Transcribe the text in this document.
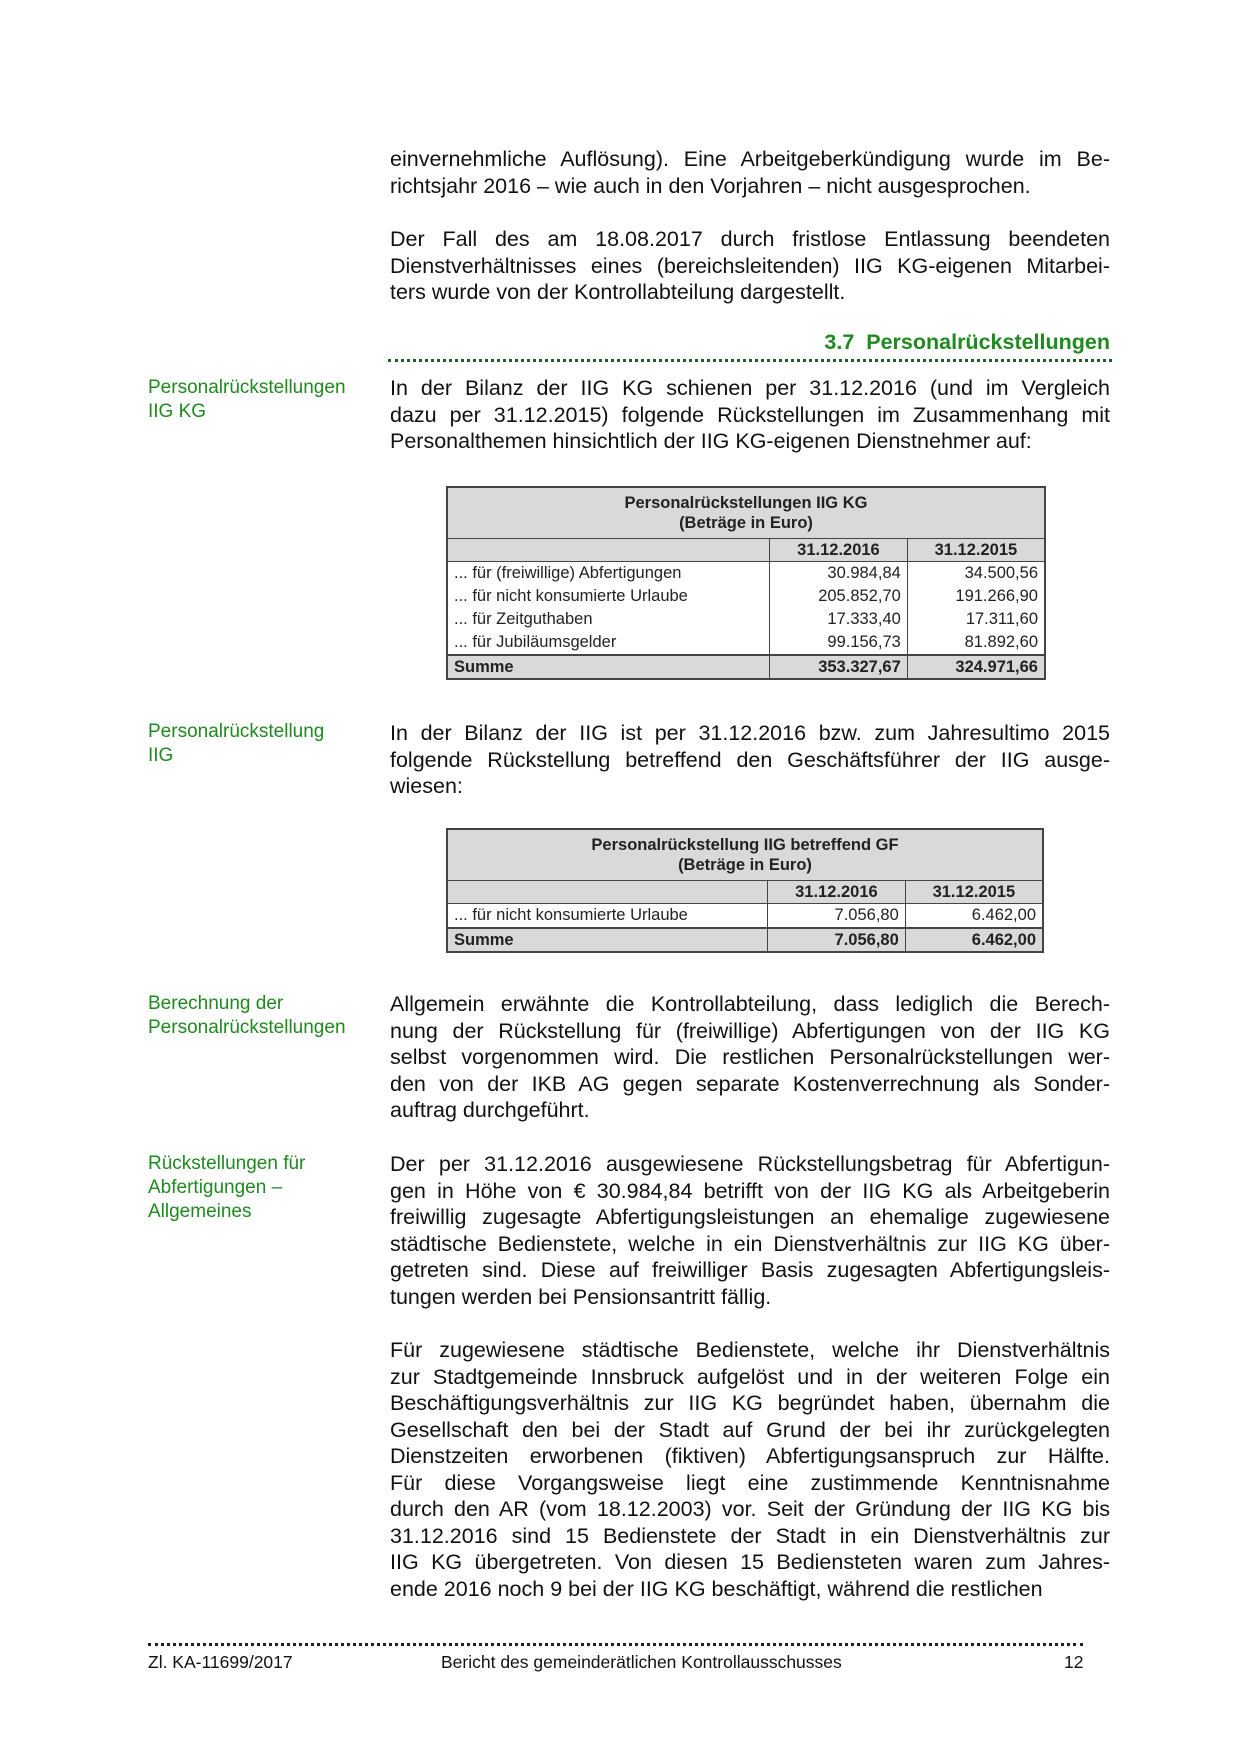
einvernehmliche Auflösung). Eine Arbeitgeberkündigung wurde im Be-
richtsjahr 2016 – wie auch in den Vorjahren – nicht ausgesprochen.

Der Fall des am 18.08.2017 durch fristlose Entlassung beendeten
Dienstverhältnisses eines (bereichsleitenden) IIG KG-eigenen Mitarbei-
ters wurde von der Kontrollabteilung dargestellt.

3.7 Personalrückstellungen

Personalrückstellungen
IIG KG

In der Bilanz der IIG KG schienen per 31.12.2016 (und im Vergleich
dazu per 31.12.2015) folgende Rückstellungen im Zusammenhang mit
Personalthemen hinsichtlich der IIG KG-eigenen Dienstnehmer auf:

Personalrückstellungen IIG KG
(Beträge in Euro)		
	31.12.2016	31.12.2015
... für (freiwillige) Abfertigungen	30.984,84	34.500,56
... für nicht konsumierte Urlaube	205.852,70	191.266,90
... für Zeitguthaben	17.333,40	17.311,60
... für Jubiläumsgelder	99.156,73	81.892,60
Summe	353.327,67	324.971,66

Personalrückstellung
IIG

In der Bilanz der IIG ist per 31.12.2016 bzw. zum Jahresultimo 2015
folgende Rückstellung betreffend den Geschäftsführer der IIG ausge-
wiesen:

Personalrückstellung IIG betreffend GF
(Beträge in Euro)		
	31.12.2016	31.12.2015
... für nicht konsumierte Urlaube	7.056,80	6.462,00
Summe	7.056,80	6.462,00

Berechnung der
Personalrückstellungen

Allgemein erwähnte die Kontrollabteilung, dass lediglich die Berech-
nung der Rückstellung für (freiwillige) Abfertigungen von der IIG KG
selbst vorgenommen wird. Die restlichen Personalrückstellungen wer-
den von der IKB AG gegen separate Kostenverrechnung als Sonder-
auftrag durchgeführt.

Rückstellungen für
Abfertigungen –
Allgemeines

Der per 31.12.2016 ausgewiesene Rückstellungsbetrag für Abfertigun-
gen in Höhe von € 30.984,84 betrifft von der IIG KG als Arbeitgeberin
freiwillig zugesagte Abfertigungsleistungen an ehemalige zugewiesene
städtische Bedienstete, welche in ein Dienstverhältnis zur IIG KG über-
getreten sind. Diese auf freiwilliger Basis zugesagten Abfertigungsleis-
tungen werden bei Pensionsantritt fällig.

Für zugewiesene städtische Bedienstete, welche ihr Dienstverhältnis
zur Stadtgemeinde Innsbruck aufgelöst und in der weiteren Folge ein
Beschäftigungsverhältnis zur IIG KG begründet haben, übernahm die
Gesellschaft den bei der Stadt auf Grund der bei ihr zurückgelegten
Dienstzeiten erworbenen (fiktiven) Abfertigungsanspruch zur Hälfte.
Für diese Vorgangsweise liegt eine zustimmende Kenntnisnahme
durch den AR (vom 18.12.2003) vor. Seit der Gründung der IIG KG bis
31.12.2016 sind 15 Bedienstete der Stadt in ein Dienstverhältnis zur
IIG KG übergetreten. Von diesen 15 Bediensteten waren zum Jahres-
ende 2016 noch 9 bei der IIG KG beschäftigt, während die restlichen

Zl. KA-11699/2017	Bericht des gemeinderätlichen Kontrollausschusses	12
